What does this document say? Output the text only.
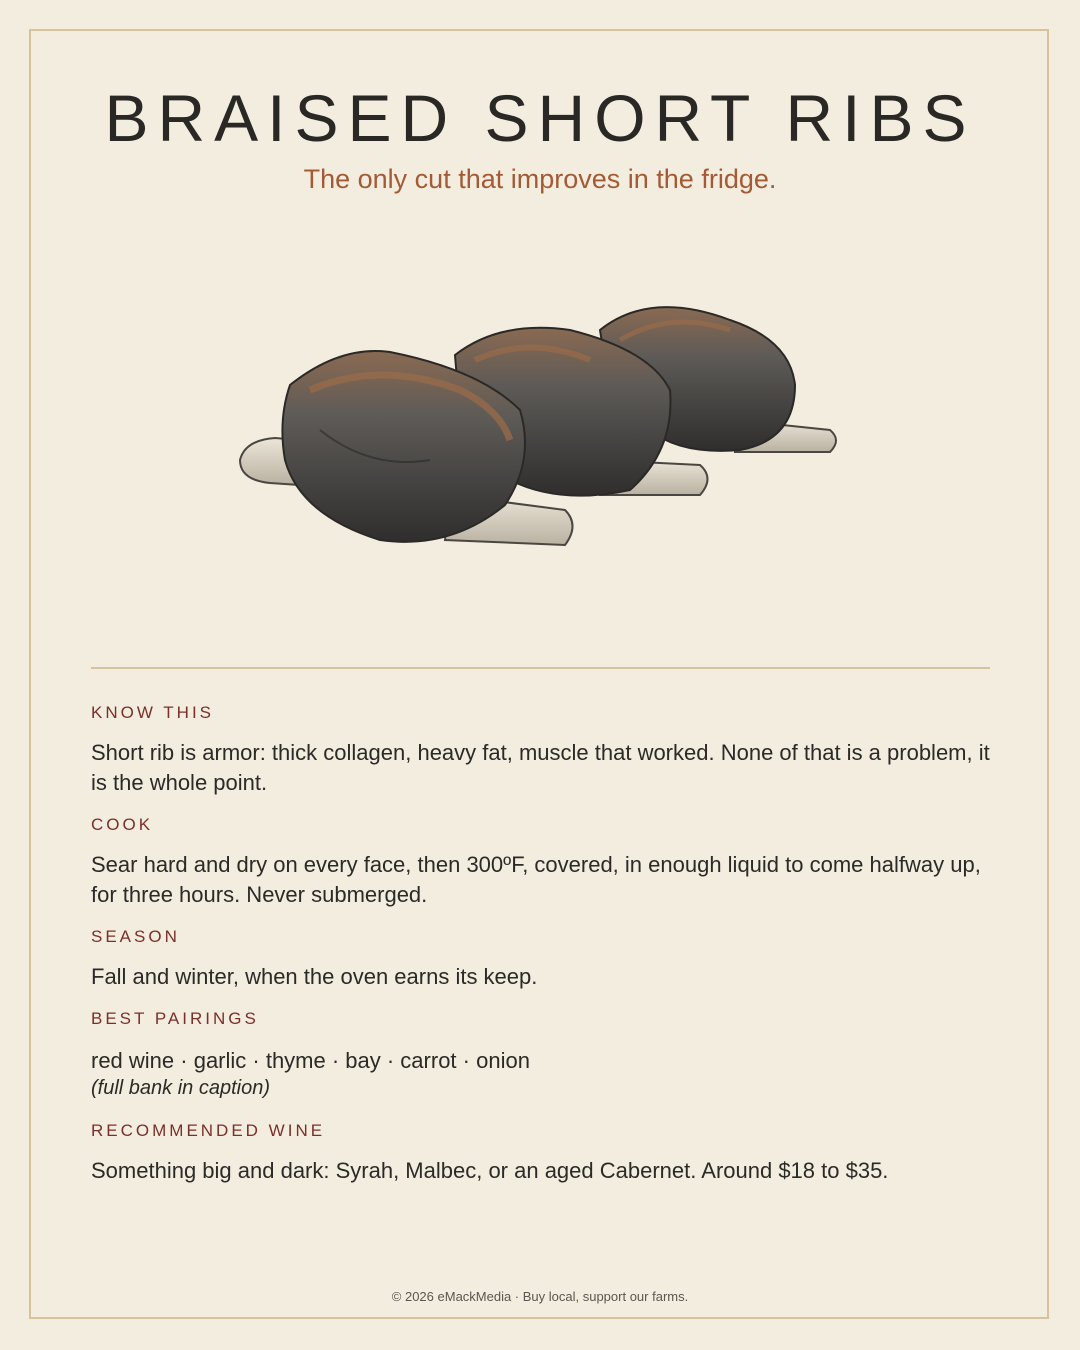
BRAISED SHORT RIBS

The only cut that improves in the fridge.

KNOW THIS

Short rib is armor: thick collagen, heavy fat, muscle that worked. None of that is a problem, it is the whole point.

COOK

Sear hard and dry on every face, then 300ºF, covered, in enough liquid to come halfway up, for three hours. Never submerged.

SEASON

Fall and winter, when the oven earns its keep.

BEST PAIRINGS

red wine · garlic · thyme · bay · carrot · onion

(full bank in caption)

RECOMMENDED WINE

Something big and dark: Syrah, Malbec, or an aged Cabernet. Around $18 to $35.

© 2026 eMackMedia · Buy local, support our farms.
